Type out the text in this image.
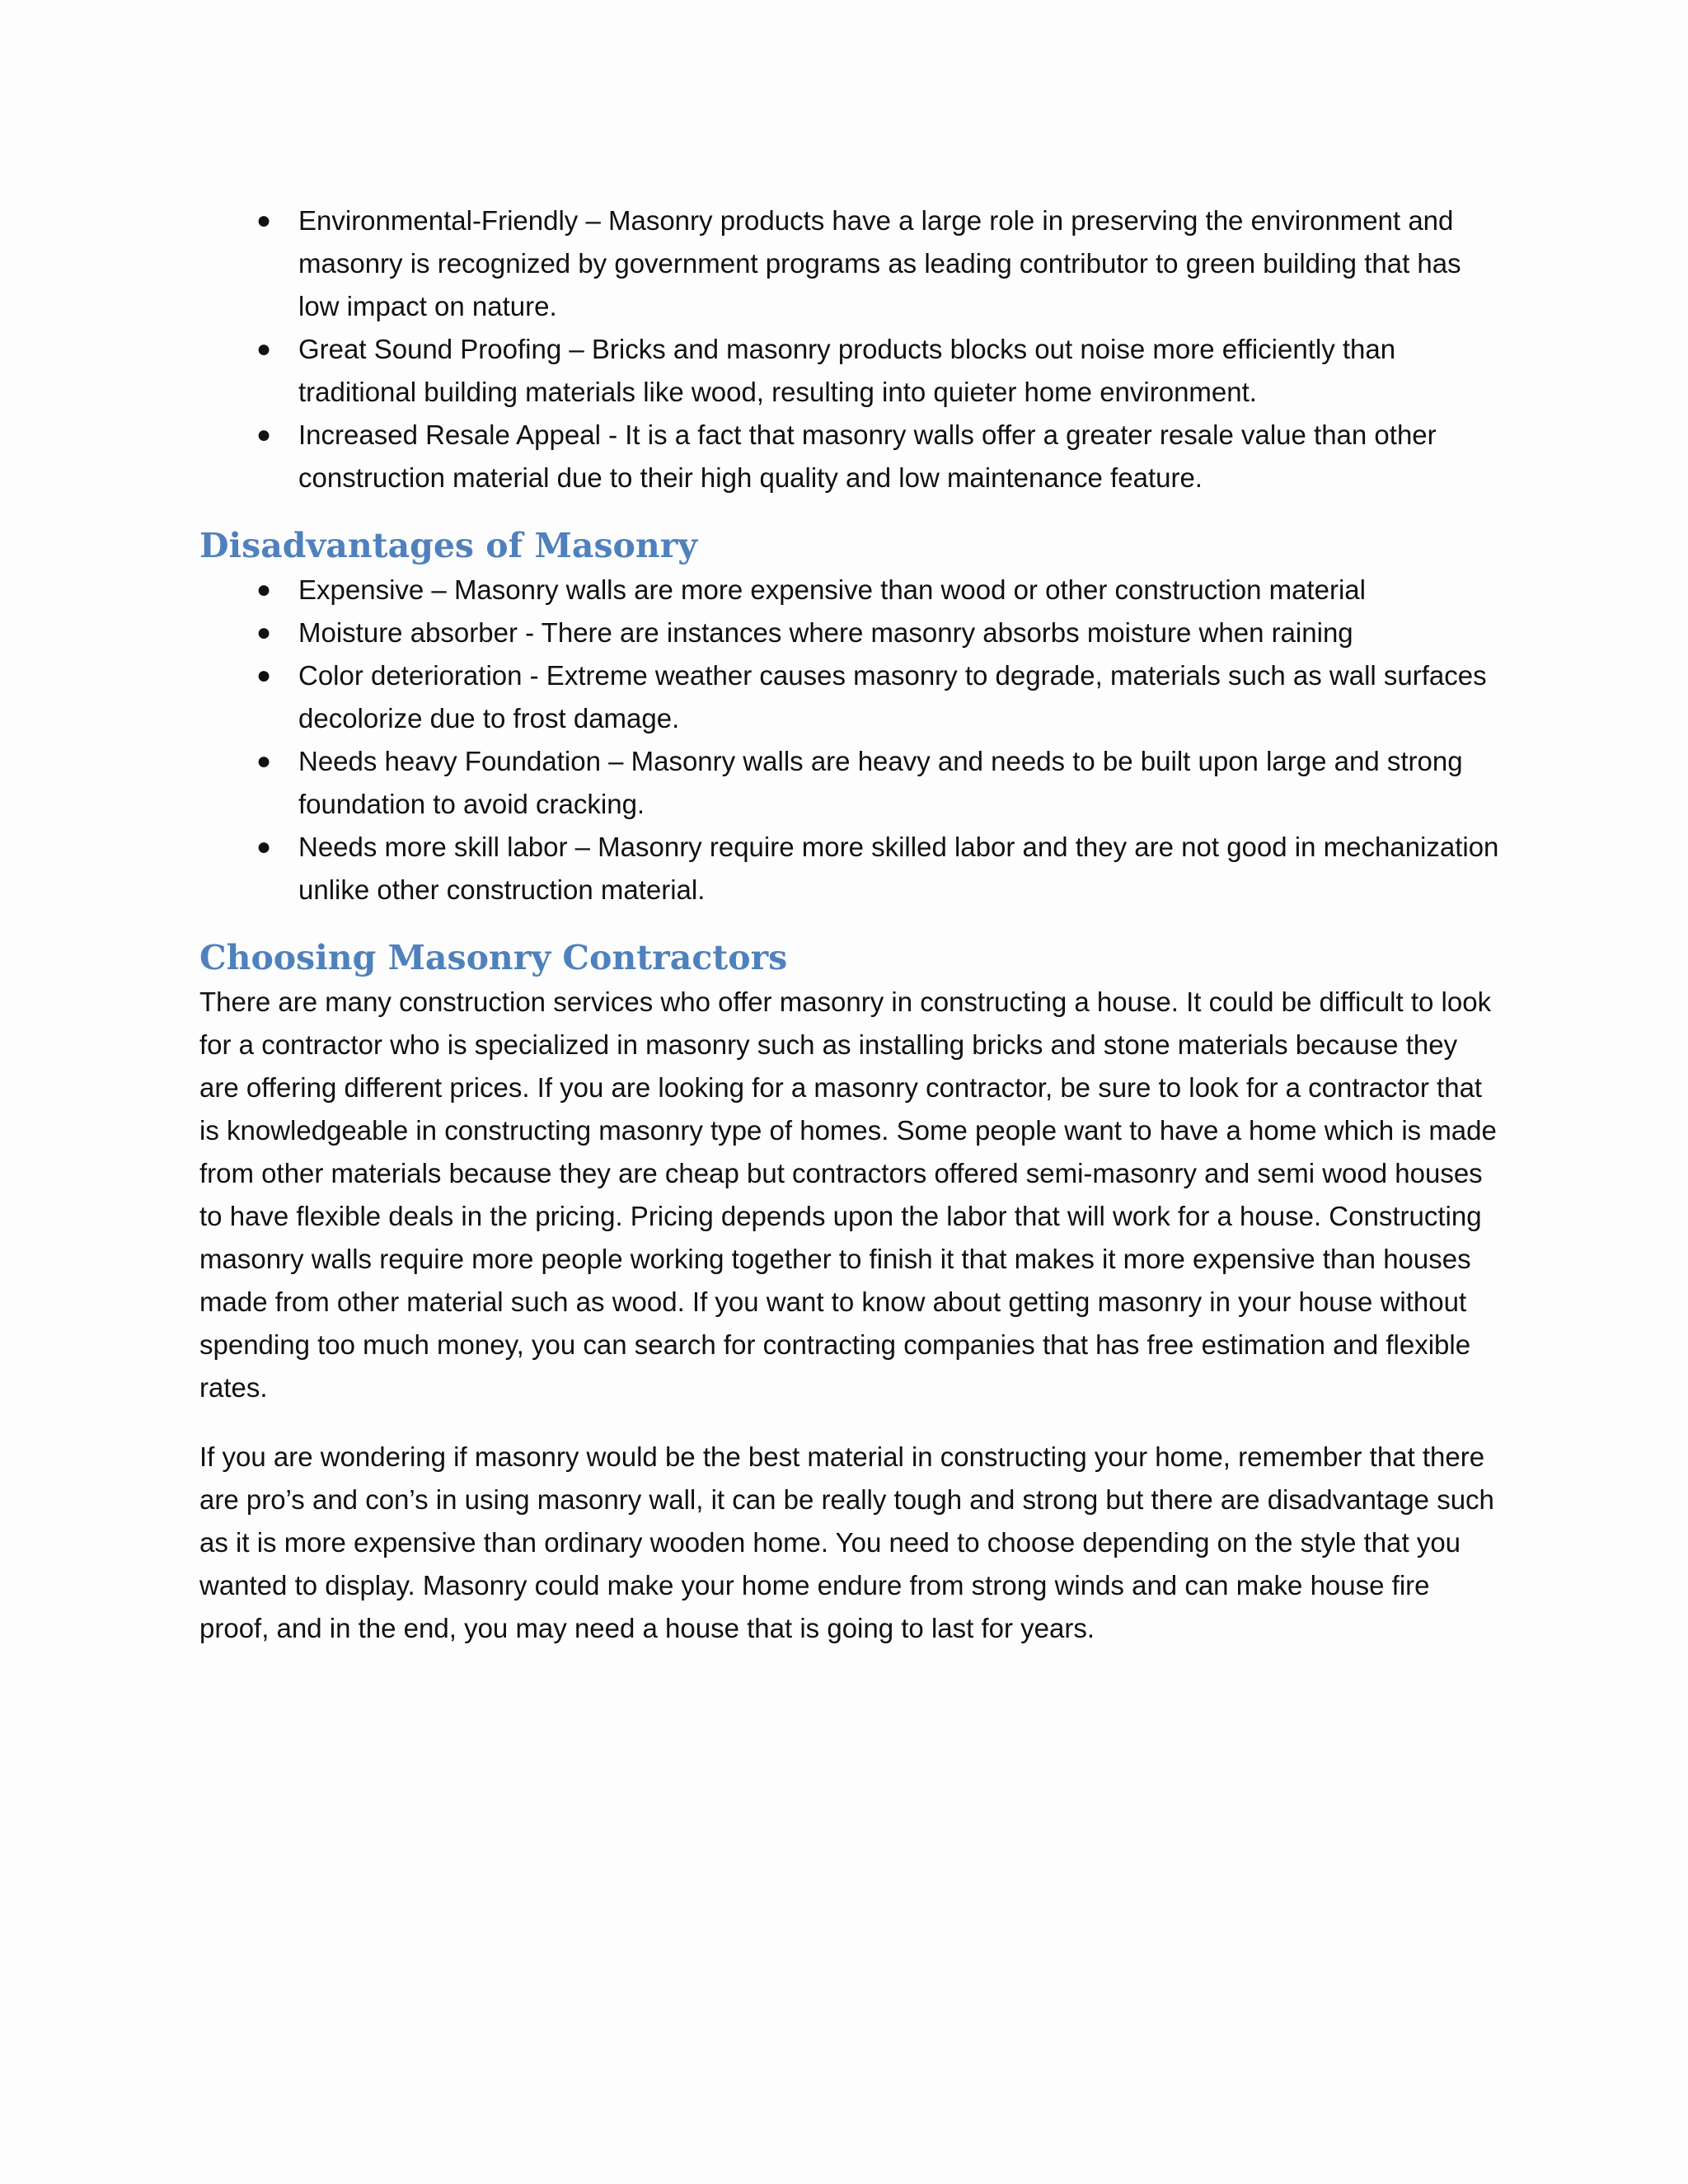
● Environmental-Friendly – Masonry products have a large role in preserving the environment and masonry is recognized by government programs as leading contributor to green building that has low impact on nature.
● Great Sound Proofing – Bricks and masonry products blocks out noise more efficiently than traditional building materials like wood, resulting into quieter home environment.
● Increased Resale Appeal - It is a fact that masonry walls offer a greater resale value than other construction material due to their high quality and low maintenance feature.
Disadvantages of Masonry
● Expensive – Masonry walls are more expensive than wood or other construction material
● Moisture absorber - There are instances where masonry absorbs moisture when raining
● Color deterioration - Extreme weather causes masonry to degrade, materials such as wall surfaces decolorize due to frost damage.
● Needs heavy Foundation – Masonry walls are heavy and needs to be built upon large and strong foundation to avoid cracking.
● Needs more skill labor – Masonry require more skilled labor and they are not good in mechanization unlike other construction material.
Choosing Masonry Contractors

There are many construction services who offer masonry in constructing a house. It could be difficult to look for a contractor who is specialized in masonry such as installing bricks and stone materials because they are offering different prices. If you are looking for a masonry contractor, be sure to look for a contractor that is knowledgeable in constructing masonry type of homes. Some people want to have a home which is made from other materials because they are cheap but contractors offered semi-masonry and semi wood houses to have flexible deals in the pricing. Pricing depends upon the labor that will work for a house. Constructing masonry walls require more people working together to finish it that makes it more expensive than houses made from other material such as wood. If you want to know about getting masonry in your house without spending too much money, you can search for contracting companies that has free estimation and flexible rates.

If you are wondering if masonry would be the best material in constructing your home, remember that there are pro’s and con’s in using masonry wall, it can be really tough and strong but there are disadvantage such as it is more expensive than ordinary wooden home. You need to choose depending on the style that you wanted to display. Masonry could make your home endure from strong winds and can make house fire proof, and in the end, you may need a house that is going to last for years.
